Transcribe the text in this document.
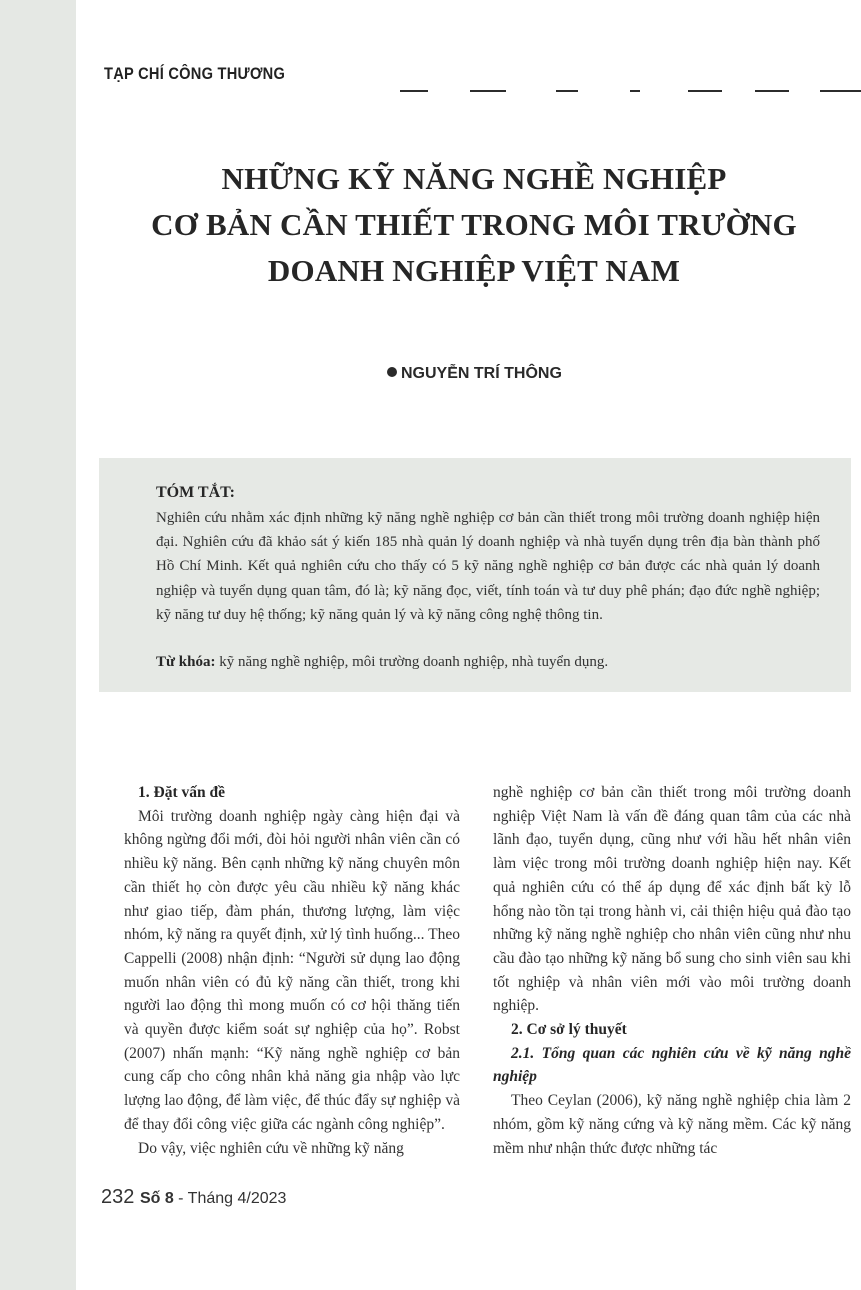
TẠP CHÍ CÔNG THƯƠNG
NHỮNG KỸ NĂNG NGHỀ NGHIỆP
CƠ BẢN CẦN THIẾT TRONG MÔI TRƯỜNG
DOANH NGHIỆP VIỆT NAM
NGUYỄN TRÍ THÔNG
TÓM TẮT:

Nghiên cứu nhằm xác định những kỹ năng nghề nghiệp cơ bản cần thiết trong môi trường doanh nghiệp hiện đại. Nghiên cứu đã khảo sát ý kiến 185 nhà quản lý doanh nghiệp và nhà tuyển dụng trên địa bàn thành phố Hồ Chí Minh. Kết quả nghiên cứu cho thấy có 5 kỹ năng nghề nghiệp cơ bản được các nhà quản lý doanh nghiệp và tuyển dụng quan tâm, đó là; kỹ năng đọc, viết, tính toán và tư duy phê phán; đạo đức nghề nghiệp; kỹ năng tư duy hệ thống; kỹ năng quản lý và kỹ năng công nghệ thông tin.

Từ khóa: kỹ năng nghề nghiệp, môi trường doanh nghiệp, nhà tuyển dụng.

1. Đặt vấn đề

Môi trường doanh nghiệp ngày càng hiện đại và không ngừng đổi mới, đòi hỏi người nhân viên cần có nhiều kỹ năng. Bên cạnh những kỹ năng chuyên môn cần thiết họ còn được yêu cầu nhiều kỹ năng khác như giao tiếp, đàm phán, thương lượng, làm việc nhóm, kỹ năng ra quyết định, xử lý tình huống... Theo Cappelli (2008) nhận định: “Người sử dụng lao động muốn nhân viên có đủ kỹ năng cần thiết, trong khi người lao động thì mong muốn có cơ hội thăng tiến và quyền được kiểm soát sự nghiệp của họ”. Robst (2007) nhấn mạnh: “Kỹ năng nghề nghiệp cơ bản cung cấp cho công nhân khả năng gia nhập vào lực lượng lao động, để làm việc, để thúc đẩy sự nghiệp và để thay đổi công việc giữa các ngành công nghiệp”.

Do vậy, việc nghiên cứu về những kỹ năng

nghề nghiệp cơ bản cần thiết trong môi trường doanh nghiệp Việt Nam là vấn đề đáng quan tâm của các nhà lãnh đạo, tuyển dụng, cũng như với hầu hết nhân viên làm việc trong môi trường doanh nghiệp hiện nay. Kết quả nghiên cứu có thể áp dụng để xác định bất kỳ lỗ hổng nào tồn tại trong hành vi, cải thiện hiệu quả đào tạo những kỹ năng nghề nghiệp cho nhân viên cũng như nhu cầu đào tạo những kỹ năng bổ sung cho sinh viên sau khi tốt nghiệp và nhân viên mới vào môi trường doanh nghiệp.

2. Cơ sở lý thuyết

2.1. Tổng quan các nghiên cứu về kỹ năng nghề nghiệp

Theo Ceylan (2006), kỹ năng nghề nghiệp chia làm 2 nhóm, gồm kỹ năng cứng và kỹ năng mềm. Các kỹ năng mềm như nhận thức được những tác

232 Số 8 - Tháng 4/2023
